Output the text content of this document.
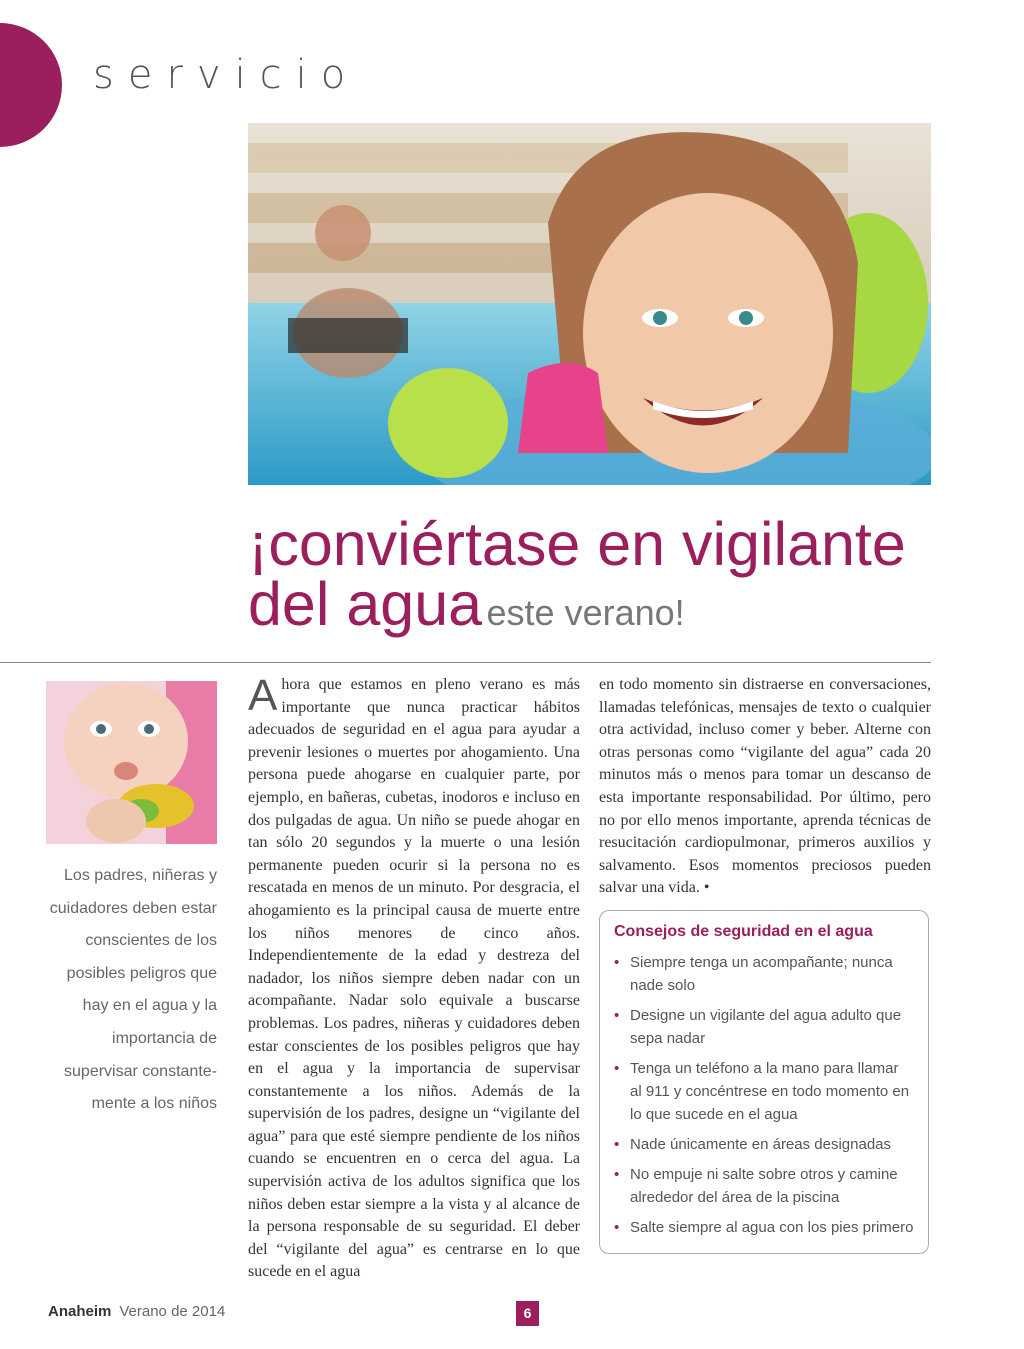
servicio
¡conviértase en vigilante
del agua este verano!
Los padres, niñeras y cuidadores deben estar conscientes de los posibles peligros que hay en el agua y la importancia de supervisar constante-mente a los niños
Ahora que estamos en pleno verano es más importante que nunca practicar hábitos adecuados de seguridad en el agua para ayudar a prevenir lesiones o muertes por ahogamiento. Una persona puede ahogarse en cualquier parte, por ejemplo, en bañeras, cubetas, inodoros e incluso en dos pulgadas de agua. Un niño se puede ahogar en tan sólo 20 segundos y la muerte o una lesión permanente pueden ocurir si la persona no es rescatada en menos de un minuto. Por desgracia, el ahogamiento es la principal causa de muerte entre los niños menores de cinco años. Independientemente de la edad y destreza del nadador, los niños siempre deben nadar con un acompañante. Nadar solo equivale a buscarse problemas. Los padres, niñeras y cuidadores deben estar conscientes de los posibles peligros que hay en el agua y la importancia de supervisar constantemente a los niños. Además de la supervisión de los padres, designe un “vigilante del agua” para que esté siempre pendiente de los niños cuando se encuentren en o cerca del agua. La supervisión activa de los adultos significa que los niños deben estar siempre a la vista y al alcance de la persona responsable de su seguridad. El deber del “vigilante del agua” es centrarse en lo que sucede en el agua
en todo momento sin distraerse en conversaciones, llamadas telefónicas, mensajes de texto o cualquier otra actividad, incluso comer y beber. Alterne con otras personas como “vigilante del agua” cada 20 minutos más o menos para tomar un descanso de esta importante responsabilidad. Por último, pero no por ello menos importante, aprenda técnicas de resucitación cardiopulmonar, primeros auxilios y salvamento. Esos momentos preciosos pueden salvar una vida. •
Consejos de seguridad en el agua
• Siempre tenga un acompañante; nunca nade solo
• Designe un vigilante del agua adulto que sepa nadar
• Tenga un teléfono a la mano para llamar al 911 y concéntrese en todo momento en lo que sucede en el agua
• Nade únicamente en áreas designadas
• No empuje ni salte sobre otros y camine alrededor del área de la piscina
• Salte siempre al agua con los pies primero
Anaheim Verano de 2014	6
